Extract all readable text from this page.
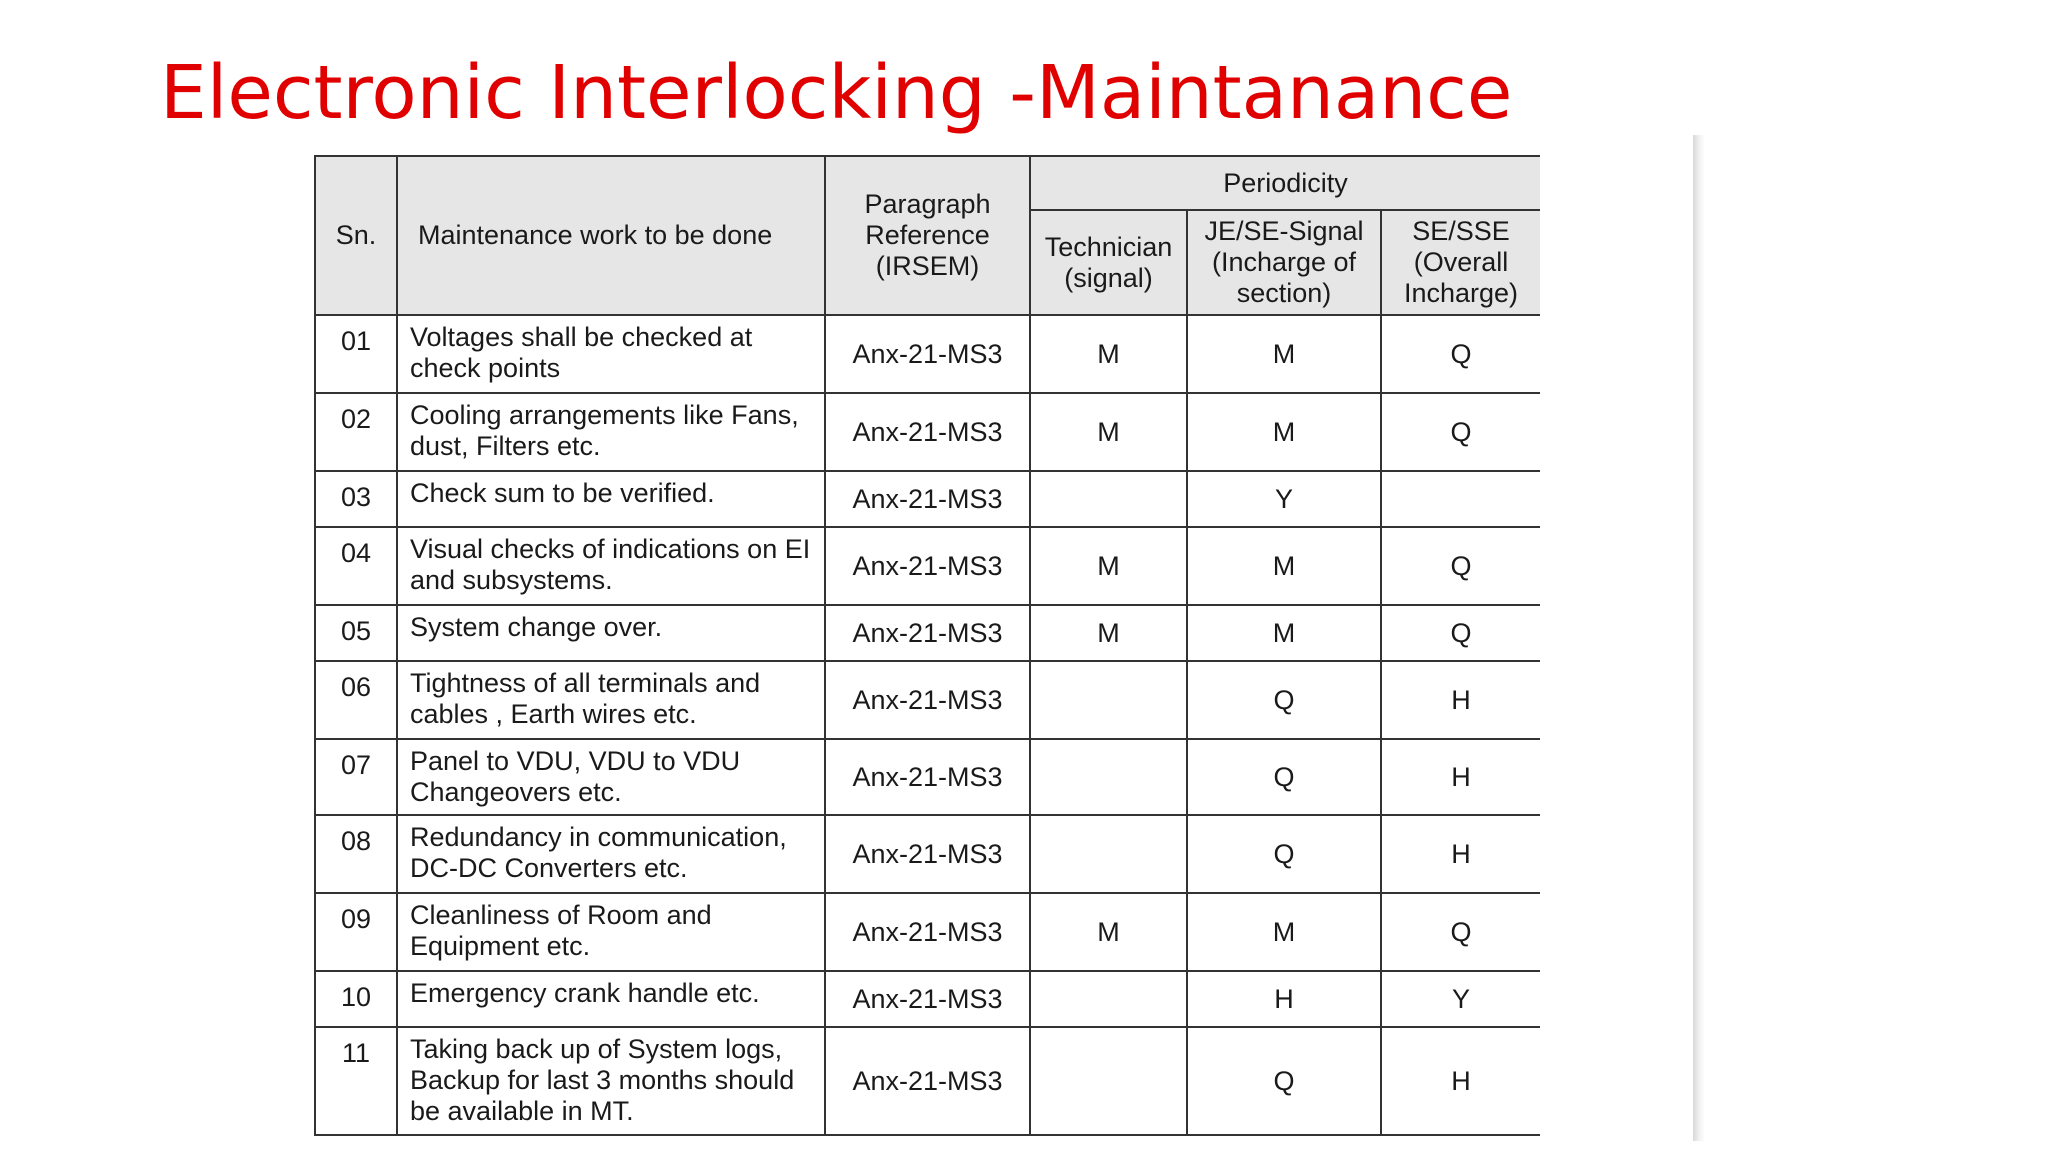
Electronic Interlocking -Maintanance
Sn.	Maintenance work to be done	Paragraph Reference (IRSEM)	Periodicity		
			Technician (signal)	JE/SE-Signal (Incharge of section)	SE/SSE (Overall Incharge)
01	Voltages shall be checked at check points	Anx-21-MS3	M	M	Q
02	Cooling arrangements like Fans, dust, Filters etc.	Anx-21-MS3	M	M	Q
03	Check sum to be verified.	Anx-21-MS3		Y	
04	Visual checks of indications on EI and subsystems.	Anx-21-MS3	M	M	Q
05	System change over.	Anx-21-MS3	M	M	Q
06	Tightness of all terminals and cables , Earth wires etc.	Anx-21-MS3		Q	H
07	Panel to VDU, VDU to VDU Changeovers etc.	Anx-21-MS3		Q	H
08	Redundancy in communication, DC-DC Converters etc.	Anx-21-MS3		Q	H
09	Cleanliness of Room and Equipment etc.	Anx-21-MS3	M	M	Q
10	Emergency crank handle etc.	Anx-21-MS3		H	Y
11	Taking back up of System logs, Backup for last 3 months should be available in MT.	Anx-21-MS3		Q	H
